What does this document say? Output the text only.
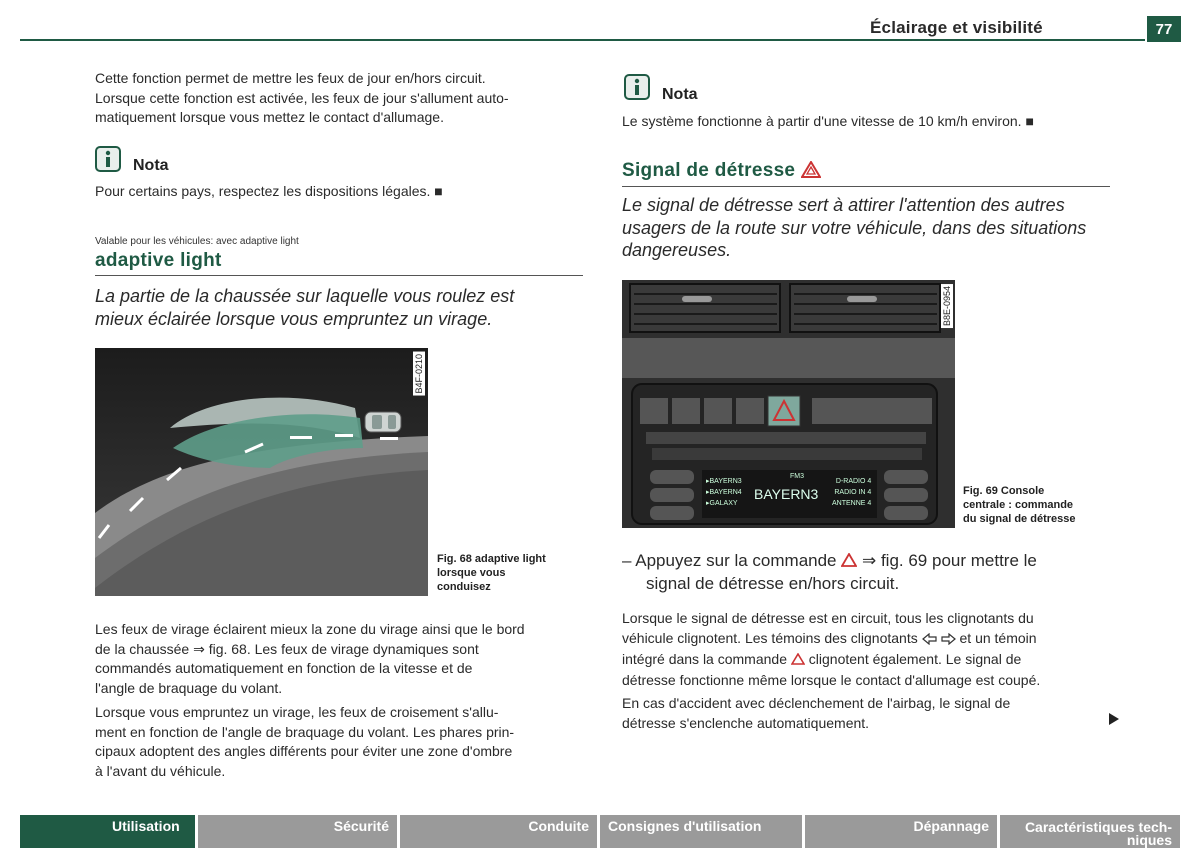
Éclairage et visibilité	77
Cette fonction permet de mettre les feux de jour en/hors circuit.
Lorsque cette fonction est activée, les feux de jour s'allument auto-
matiquement lorsque vous mettez le contact d'allumage.
Nota
Pour certains pays, respectez les dispositions légales. ■
Valable pour les véhicules: avec adaptive light
adaptive light
La partie de la chaussée sur laquelle vous roulez est
mieux éclairée lorsque vous empruntez un virage.
B4F-0210
Fig. 68 adaptive light
lorsque vous
conduisez
Les feux de virage éclairent mieux la zone du virage ainsi que le bord
de la chaussée ⇒ fig. 68. Les feux de virage dynamiques sont
commandés automatiquement en fonction de la vitesse et de
l'angle de braquage du volant.
Lorsque vous empruntez un virage, les feux de croisement s'allu-
ment en fonction de l'angle de braquage du volant. Les phares prin-
cipaux adoptent des angles différents pour éviter une zone d'ombre
à l'avant du véhicule.
Nota
Le système fonctionne à partir d'une vitesse de 10 km/h environ. ■
Signal de détresse
Le signal de détresse sert à attirer l'attention des autres
usagers de la route sur votre véhicule, dans des situations
dangereuses.
▸BAYERN3
▸BAYERN4
▸GALAXY
FM3
BAYERN3
D-RADIO 4
RADIO IN 4
ANTENNE 4
B8E-0954
Fig. 69 Console
centrale : commande
du signal de détresse
– Appuyez sur la commande ⇒ fig. 69 pour mettre le
signal de détresse en/hors circuit.
Lorsque le signal de détresse est en circuit, tous les clignotants du
véhicule clignotent. Les témoins des clignotants	et un témoin
intégré dans la commande clignotent également. Le signal de
détresse fonctionne même lorsque le contact d'allumage est coupé.
En cas d'accident avec déclenchement de l'airbag, le signal de
détresse s'enclenche automatiquement.
Utilisation	Sécurité	Conduite	Consignes d'utilisation	Dépannage	Caractéristiques tech-
niques
